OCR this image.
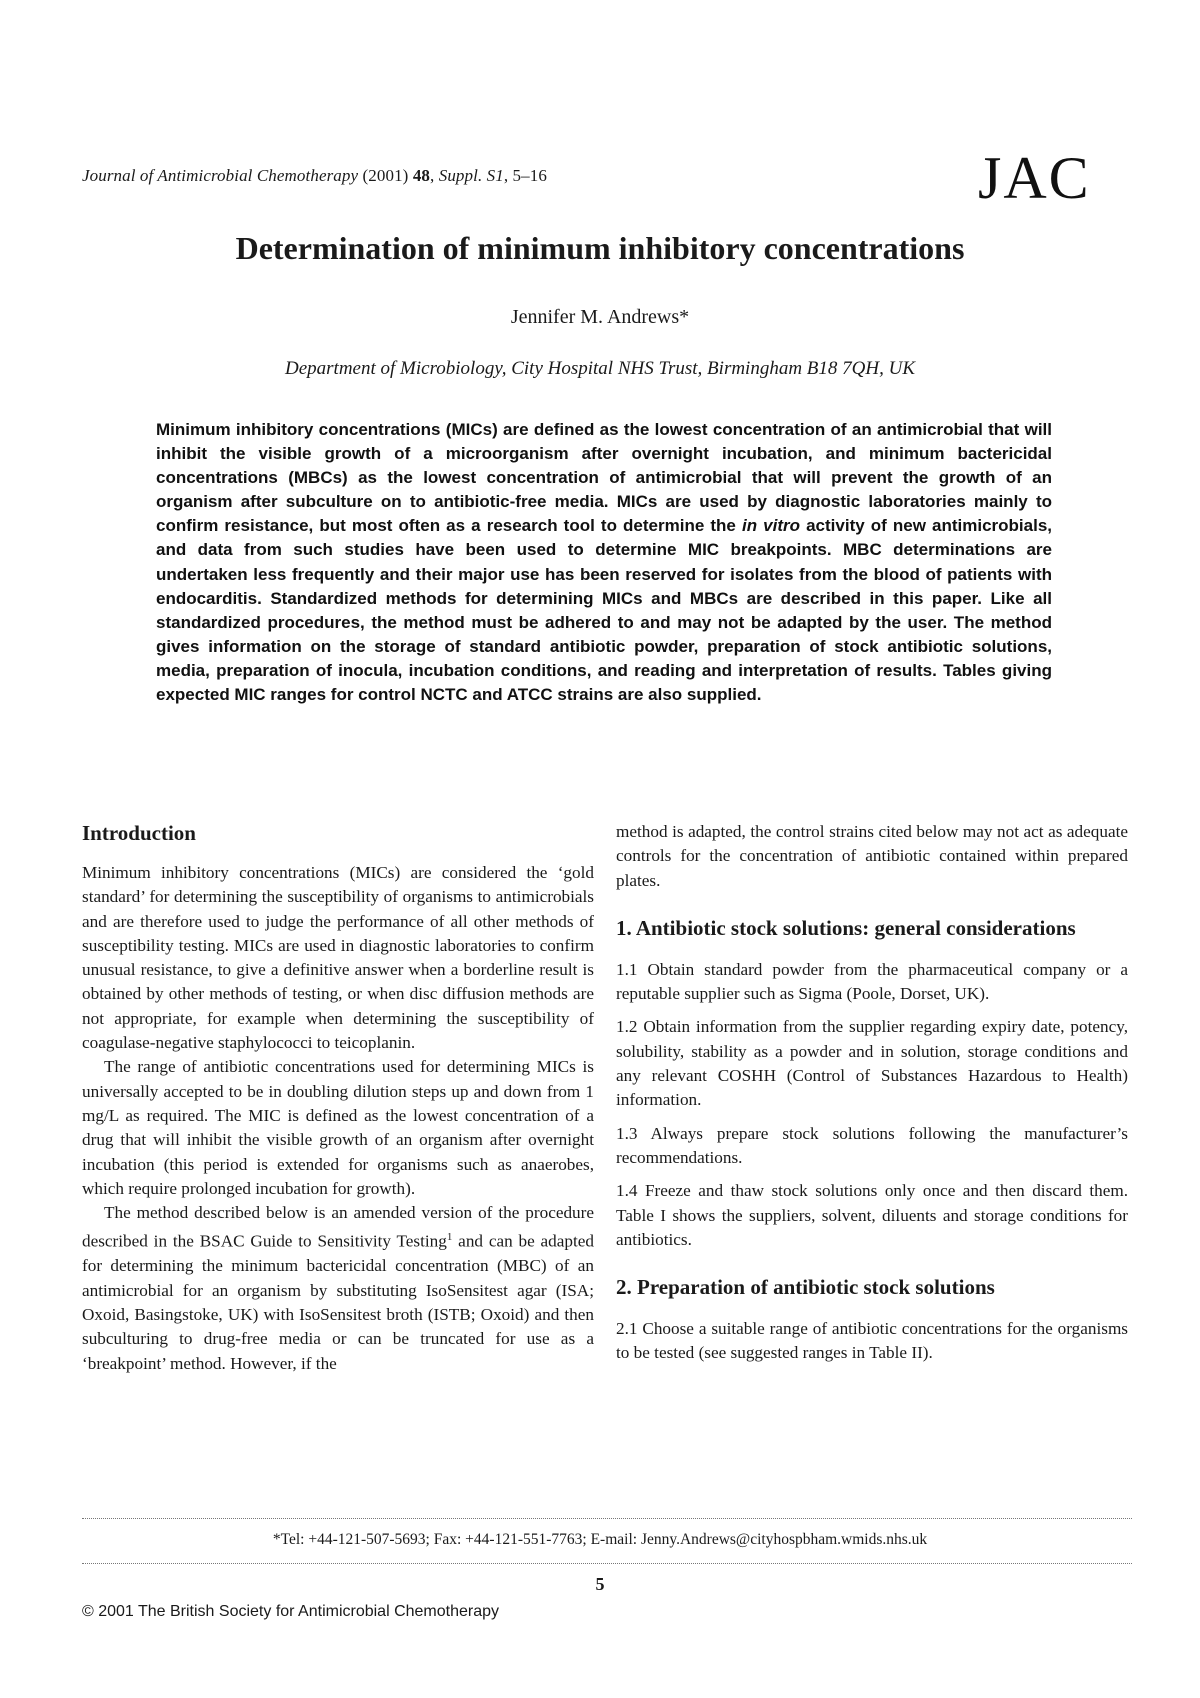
Journal of Antimicrobial Chemotherapy (2001) 48, Suppl. S1, 5–16	JAC
Determination of minimum inhibitory concentrations
Jennifer M. Andrews*
Department of Microbiology, City Hospital NHS Trust, Birmingham B18 7QH, UK
Minimum inhibitory concentrations (MICs) are defined as the lowest concentration of an antimicrobial that will inhibit the visible growth of a microorganism after overnight incubation, and minimum bactericidal concentrations (MBCs) as the lowest concentration of antimicrobial that will prevent the growth of an organism after subculture on to antibiotic-free media. MICs are used by diagnostic laboratories mainly to confirm resistance, but most often as a research tool to determine the in vitro activity of new antimicrobials, and data from such studies have been used to determine MIC breakpoints. MBC determinations are undertaken less frequently and their major use has been reserved for isolates from the blood of patients with endocarditis. Standardized methods for determining MICs and MBCs are described in this paper. Like all standardized procedures, the method must be adhered to and may not be adapted by the user. The method gives information on the storage of standard antibiotic powder, preparation of stock antibiotic solutions, media, preparation of inocula, incubation conditions, and reading and interpretation of results. Tables giving expected MIC ranges for control NCTC and ATCC strains are also supplied.
Introduction

Minimum inhibitory concentrations (MICs) are considered the ‘gold standard’ for determining the susceptibility of organisms to antimicrobials and are therefore used to judge the performance of all other methods of susceptibility testing. MICs are used in diagnostic laboratories to confirm unusual resistance, to give a definitive answer when a borderline result is obtained by other methods of testing, or when disc diffusion methods are not appropriate, for example when determining the susceptibility of coagulase-negative staphylococci to teicoplanin.

The range of antibiotic concentrations used for determining MICs is universally accepted to be in doubling dilution steps up and down from 1 mg/L as required. The MIC is defined as the lowest concentration of a drug that will inhibit the visible growth of an organism after overnight incubation (this period is extended for organisms such as anaerobes, which require prolonged incubation for growth).

The method described below is an amended version of the procedure described in the BSAC Guide to Sensitivity Testing$^1$ and can be adapted for determining the minimum bactericidal concentration (MBC) of an antimicrobial for an organism by substituting IsoSensitest agar (ISA; Oxoid, Basingstoke, UK) with IsoSensitest broth (ISTB; Oxoid) and then subculturing to drug-free media or can be truncated for use as a ‘breakpoint’ method. However, if the

method is adapted, the control strains cited below may not act as adequate controls for the concentration of antibiotic contained within prepared plates.

1. Antibiotic stock solutions: general considerations

1.1 Obtain standard powder from the pharmaceutical company or a reputable supplier such as Sigma (Poole, Dorset, UK).

1.2 Obtain information from the supplier regarding expiry date, potency, solubility, stability as a powder and in solution, storage conditions and any relevant COSHH (Control of Substances Hazardous to Health) information.

1.3 Always prepare stock solutions following the manufacturer’s recommendations.

1.4 Freeze and thaw stock solutions only once and then discard them. Table I shows the suppliers, solvent, diluents and storage conditions for antibiotics.

2. Preparation of antibiotic stock solutions

2.1 Choose a suitable range of antibiotic concentrations for the organisms to be tested (see suggested ranges in Table II).

*Tel: +44-121-507-5693; Fax: +44-121-551-7763; E-mail: Jenny.Andrews@cityhospbham.wmids.nhs.uk
5
© 2001 The British Society for Antimicrobial Chemotherapy
